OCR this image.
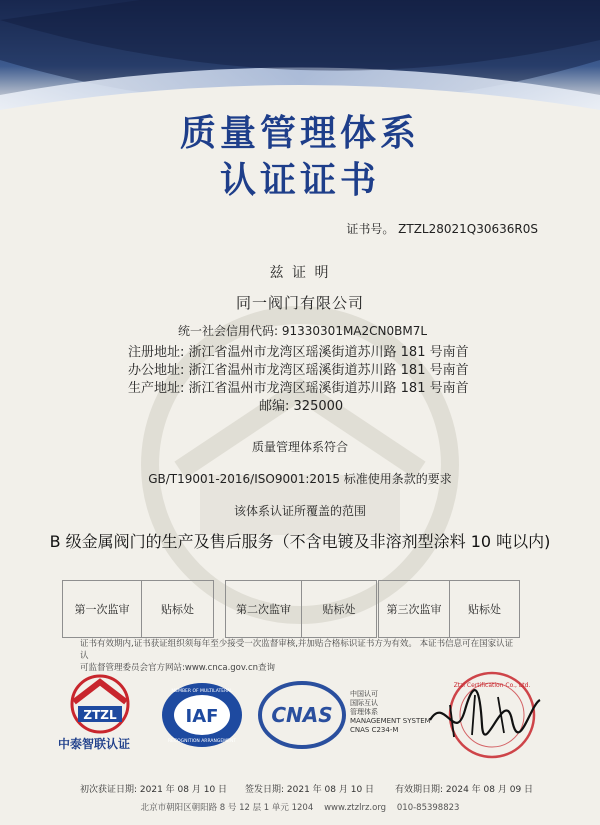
质量管理体系
认证证书
证书号。 ZTZL28021Q30636R0S
兹 证 明
同一阀门有限公司
统一社会信用代码: 91330301MA2CN0BM7L
注册地址: 浙江省温州市龙湾区瑶溪街道苏川路 181 号南首
办公地址: 浙江省温州市龙湾区瑶溪街道苏川路 181 号南首
生产地址: 浙江省温州市龙湾区瑶溪街道苏川路 181 号南首
邮编: 325000
质量管理体系符合
GB/T19001-2016/ISO9001:2015 标准使用条款的要求
该体系认证所覆盖的范围
B 级金属阀门的生产及售后服务（不含电镀及非溶剂型涂料 10 吨以内)
第一次监审	贴标处	第二次监审	贴标处	第三次监审	贴标处
证书有效期内,证书获证组织须每年至少接受一次监督审核,并加贴合格标识证书方为有效。 本证书信息可在国家认证认
可监督管理委员会官方网站:www.cnca.gov.cn查询
ZTZL
中泰智联认证
IAF
MEMBER OF MULTILATERAL
RECOGNITION ARRANGEMENT
CNAS
中国认可
国际互认
管理体系
MANAGEMENT SYSTEM
CNAS C234-M
Ztzl Certification Co., Ltd.
初次获证日期: 2021 年 08 月 10 日 签发日期: 2021 年 08 月 10 日 有效期日期: 2024 年 08 月 09 日
北京市朝阳区朝阳路 8 号 12 层 1 单元 1204 www.ztzlrz.org 010-85398823
